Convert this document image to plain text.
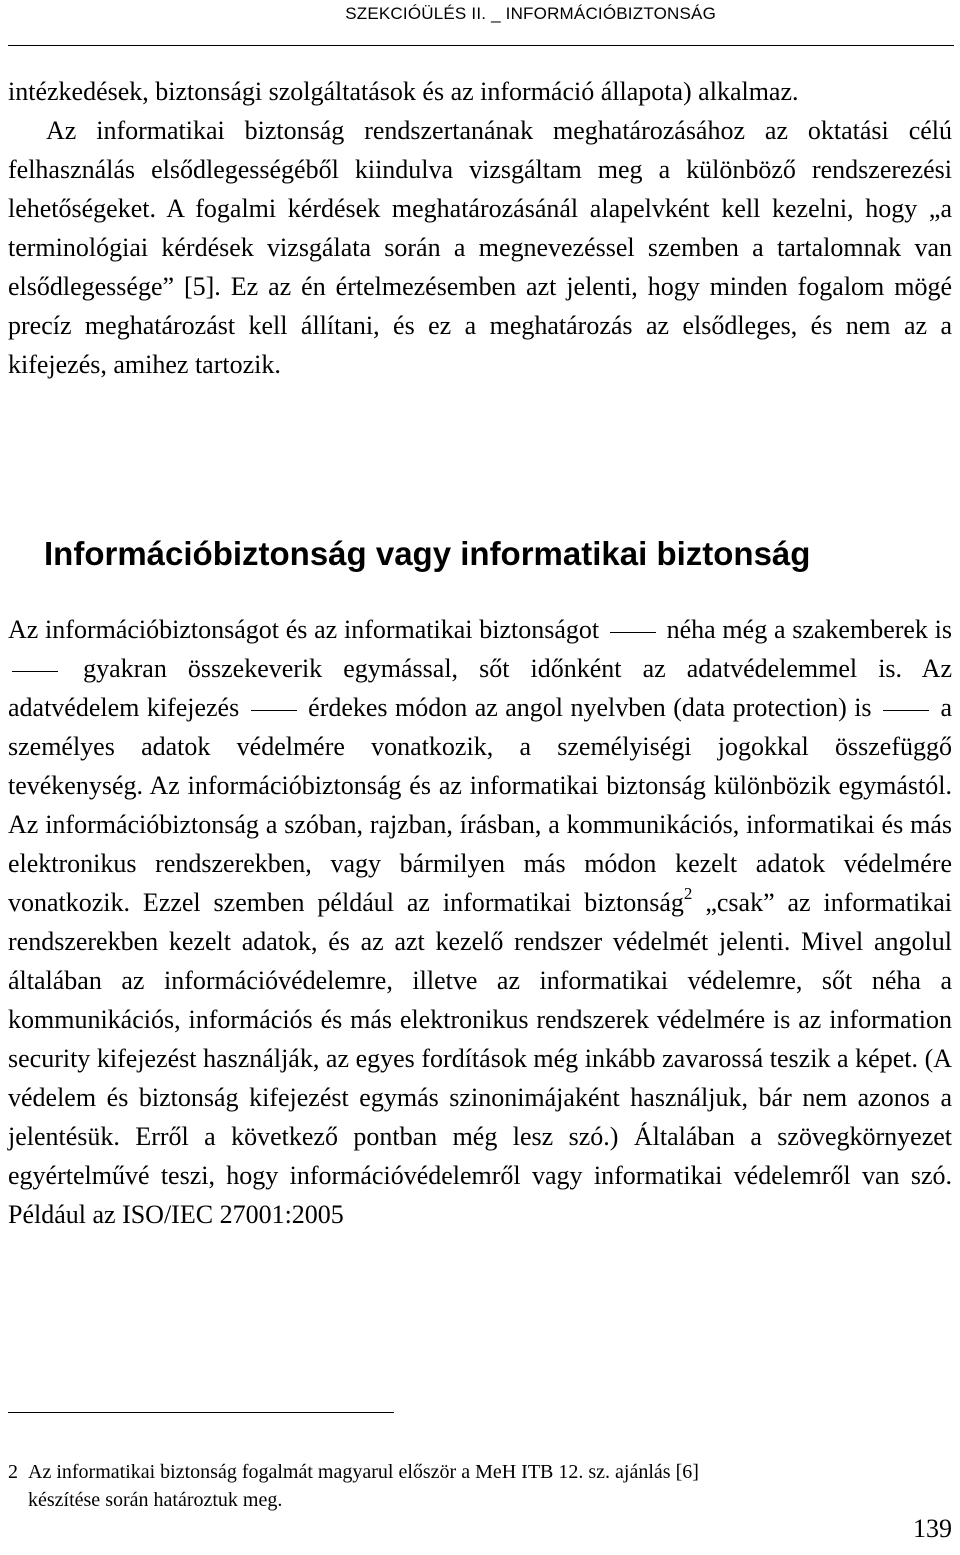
SZEKCIÓÜLÉS II. _ INFORMÁCIÓBIZTONSÁG

intézkedések, biztonsági szolgáltatások és az információ állapota) alkalmaz.

Az informatikai biztonság rendszertanának meghatározásához az oktatási célú felhasználás elsődlegességéből kiindulva vizsgáltam meg a különböző rendszerezési lehetőségeket. A fogalmi kérdések meghatározásánál alapelvként kell kezelni, hogy „a terminológiai kérdések vizsgálata során a megnevezéssel szemben a tartalomnak van elsődlegessége” [5]. Ez az én értelmezésemben azt jelenti, hogy minden fogalom mögé precíz meghatározást kell állítani, és ez a meghatározás az elsődleges, és nem az a kifejezés, amihez tartozik.

Információbiztonság vagy informatikai biztonság

Az információbiztonságot és az informatikai biztonságot	néha még a szakemberek is  gyakran összekeverik egymással, sőt időnként az adatvédelemmel is. Az adatvédelem kifejezés	érdekes módon az angol nyelvben (data protection) is	a személyes adatok védelmére vonatkozik, a személyiségi jogokkal összefüggő tevékenység. Az információbiztonság és az informatikai biztonság különbözik egymástól. Az információbiztonság a szóban, rajzban, írásban, a kommunikációs, informatikai és más elektronikus rendszerekben, vagy bármilyen más módon kezelt adatok védelmére vonatkozik. Ezzel szemben például az informatikai biztonság$^2$ „csak” az informatikai rendszerekben kezelt adatok, és az azt kezelő rendszer védelmét jelenti. Mivel angolul általában az információvédelemre, illetve az informatikai védelemre, sőt néha a kommunikációs, információs és más elektronikus rendszerek védelmére is az information security kifejezést használják, az egyes fordítások még inkább zavarossá teszik a képet. (A védelem és biztonság kifejezést egymás szinonimájaként használjuk, bár nem azonos a jelentésük. Erről a következő pontban még lesz szó.) Általában a szövegkörnyezet egyértelművé teszi, hogy információvédelemről vagy informatikai védelemről van szó. Például az ISO/IEC 27001:2005

2 Az informatikai biztonság fogalmát magyarul először a MeH ITB 12. sz. ajánlás [6]
készítése során határoztuk meg.
139
